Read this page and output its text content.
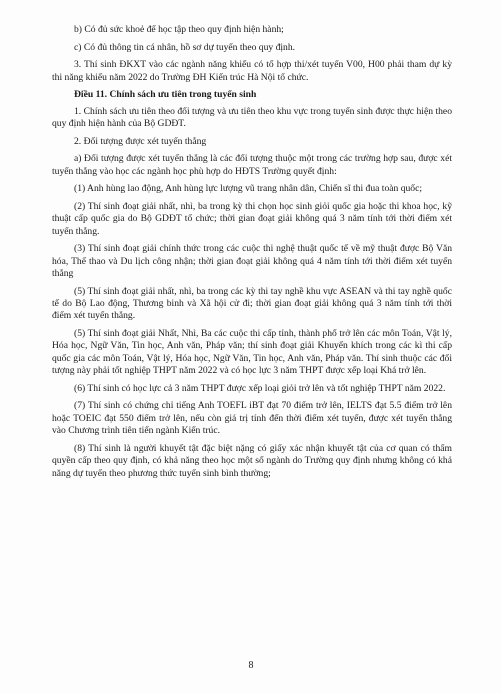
b) Có đủ sức khoẻ để học tập theo quy định hiện hành;

c) Có đủ thông tin cá nhân, hồ sơ dự tuyển theo quy định.

3. Thí sinh ĐKXT vào các ngành năng khiếu có tổ hợp thi/xét tuyển V00, H00 phải tham dự kỳ thi năng khiếu năm 2022 do Trường ĐH Kiến trúc Hà Nội tổ chức.

Điều 11. Chính sách ưu tiên trong tuyển sinh

1. Chính sách ưu tiên theo đối tượng và ưu tiên theo khu vực trong tuyển sinh được thực hiện theo quy định hiện hành của Bộ GDĐT.

2. Đối tượng được xét tuyển thẳng

a) Đối tượng được xét tuyển thẳng là các đối tượng thuộc một trong các trường hợp sau, được xét tuyển thẳng vào học các ngành học phù hợp do HĐTS Trường quyết định:

(1) Anh hùng lao động, Anh hùng lực lượng vũ trang nhân dân, Chiến sĩ thi đua toàn quốc;

(2) Thí sinh đoạt giải nhất, nhì, ba trong kỳ thi chọn học sinh giỏi quốc gia hoặc thi khoa học, kỹ thuật cấp quốc gia do Bộ GDĐT tổ chức; thời gian đoạt giải không quá 3 năm tính tới thời điểm xét tuyển thẳng.

(3) Thí sinh đoạt giải chính thức trong các cuộc thi nghệ thuật quốc tế về mỹ thuật được Bộ Văn hóa, Thể thao và Du lịch công nhận; thời gian đoạt giải không quá 4 năm tính tới thời điểm xét tuyển thẳng

(5) Thí sinh đoạt giải nhất, nhì, ba trong các kỳ thi tay nghề khu vực ASEAN và thi tay nghề quốc tế do Bộ Lao động, Thương binh và Xã hội cử đi; thời gian đoạt giải không quá 3 năm tính tới thời điểm xét tuyển thẳng.

(5) Thí sinh đoạt giải Nhất, Nhì, Ba các cuộc thi cấp tỉnh, thành phố trở lên các môn Toán, Vật lý, Hóa học, Ngữ Văn, Tin học, Anh văn, Pháp văn; thí sinh đoạt giải Khuyến khích trong các kì thi cấp quốc gia các môn Toán, Vật lý, Hóa học, Ngữ Văn, Tin học, Anh văn, Pháp văn. Thí sinh thuộc các đối tượng này phải tốt nghiệp THPT năm 2022 và có học lực 3 năm THPT được xếp loại Khá trở lên.

(6) Thí sinh có học lực cả 3 năm THPT được xếp loại giỏi trở lên và tốt nghiệp THPT năm 2022.

(7) Thí sinh có chứng chỉ tiếng Anh TOEFL iBT đạt 70 điểm trở lên, IELTS đạt 5.5 điểm trở lên hoặc TOEIC đạt 550 điểm trở lên, nếu còn giá trị tính đến thời điểm xét tuyển, được xét tuyển thẳng vào Chương trình tiên tiến ngành Kiến trúc.

(8) Thí sinh là người khuyết tật đặc biệt nặng có giấy xác nhận khuyết tật của cơ quan có thẩm quyền cấp theo quy định, có khả năng theo học một số ngành do Trường quy định nhưng không có khả năng dự tuyển theo phương thức tuyển sinh bình thường;

8
